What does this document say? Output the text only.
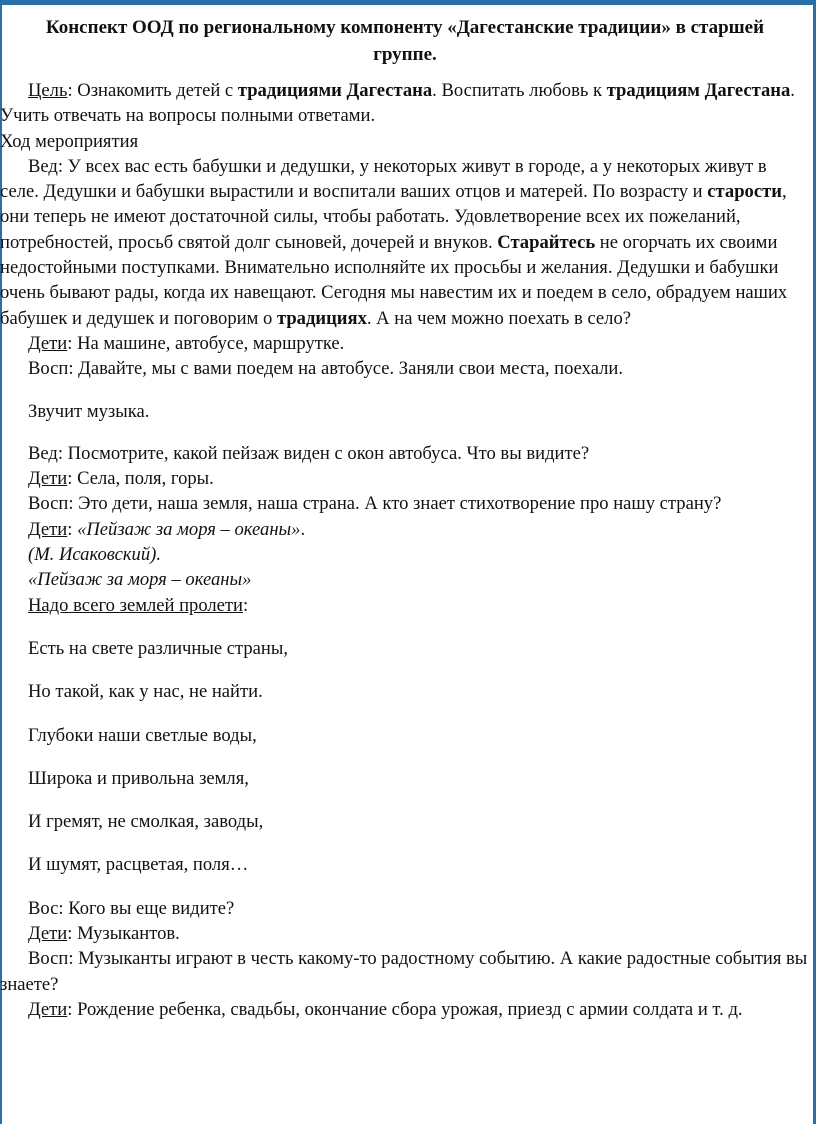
Конспект ООД по региональному компоненту «Дагестанские традиции» в старшей группе.

Цель: Ознакомить детей с традициями Дагестана. Воспитать любовь к традициям Дагестана. Учить отвечать на вопросы полными ответами.

Ход мероприятия

Вед: У всех вас есть бабушки и дедушки, у некоторых живут в городе, а у некоторых живут в селе. Дедушки и бабушки вырастили и воспитали ваших отцов и матерей. По возрасту и старости, они теперь не имеют достаточной силы, чтобы работать. Удовлетворение всех их пожеланий, потребностей, просьб святой долг сыновей, дочерей и внуков. Старайтесь не огорчать их своими недостойными поступками. Внимательно исполняйте их просьбы и желания. Дедушки и бабушки очень бывают рады, когда их навещают. Сегодня мы навестим их и поедем в село, обрадуем наших бабушек и дедушек и поговорим о традициях. А на чем можно поехать в село?

Дети: На машине, автобусе, маршрутке.

Восп: Давайте, мы с вами поедем на автобусе. Заняли свои места, поехали.

Звучит музыка.

Вед: Посмотрите, какой пейзаж виден с окон автобуса. Что вы видите?

Дети: Села, поля, горы.

Восп: Это дети, наша земля, наша страна. А кто знает стихотворение про нашу страну?

Дети: «Пейзаж за моря – океаны».

(М. Исаковский).

«Пейзаж за моря – океаны»

Надо всего землей пролети:

Есть на свете различные страны,

Но такой, как у нас, не найти.

Глубоки наши светлые воды,

Широка и привольна земля,

И гремят, не смолкая, заводы,

И шумят, расцветая, поля…

Вос: Кого вы еще видите?

Дети: Музыкантов.

Восп: Музыканты играют в честь какому-то радостному событию. А какие радостные события вы знаете?

Дети: Рождение ребенка, свадьбы, окончание сбора урожая, приезд с армии солдата и т. д.
